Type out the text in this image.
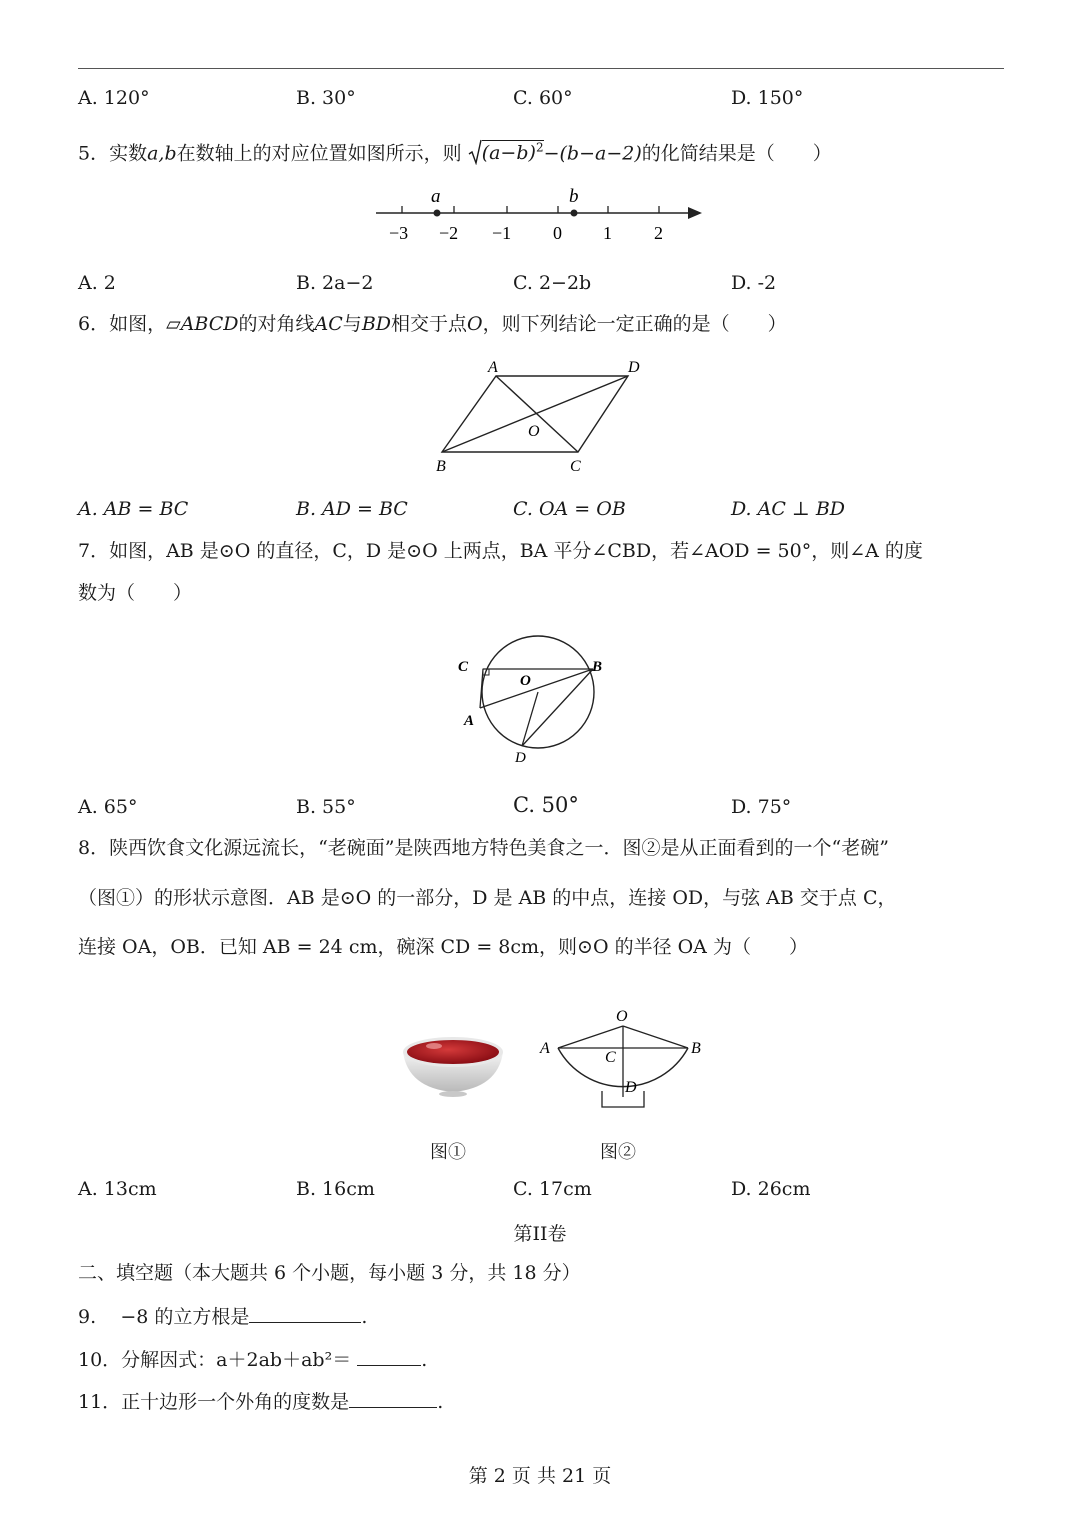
A. 120°	B. 30°	C. 60°	D. 150°
5．实数a,b在数轴上的对应位置如图所示，则 $(a-b)^2-(b-a-2)$的化简结果是（　　）
a	b
−3 −2 −1 0 1 2
A. 2	B. 2a−2	C. 2−2b	D. -2
6．如图，▱ABCD的对角线AC与BD相交于点O，则下列结论一定正确的是（　　）
A	D
O
B	C
A. AB = BC	B. AD = BC	C. OA = OB	D. AC ⊥ BD
7．如图，AB 是⊙O 的直径，C，D 是⊙O 上两点，BA 平分∠CBD，若∠AOD = 50°，则∠A 的度
数为（　　）
C	B
O
A
D
A. 65°	B. 55°	C. 50°	D. 75°
8．陕西饮食文化源远流长，“老碗面”是陕西地方特色美食之一．图②是从正面看到的一个“老碗”
（图①）的形状示意图．AB 是⊙O 的一部分，D 是 AB 的中点，连接 OD，与弦 AB 交于点 C，
连接 OA，OB．已知 AB = 24 cm，碗深 CD = 8cm，则⊙O 的半径 OA 为（　　）
O
A	B
C
D
图①	图②
A. 13cm	B. 16cm	C. 17cm	D. 26cm
第II卷
二、填空题（本大题共 6 个小题，每小题 3 分，共 18 分）
9. −8 的立方根是	.
10．分解因式：a＋2ab＋ab²＝	.
11．正十边形一个外角的度数是	.
第 2 页 共 21 页
